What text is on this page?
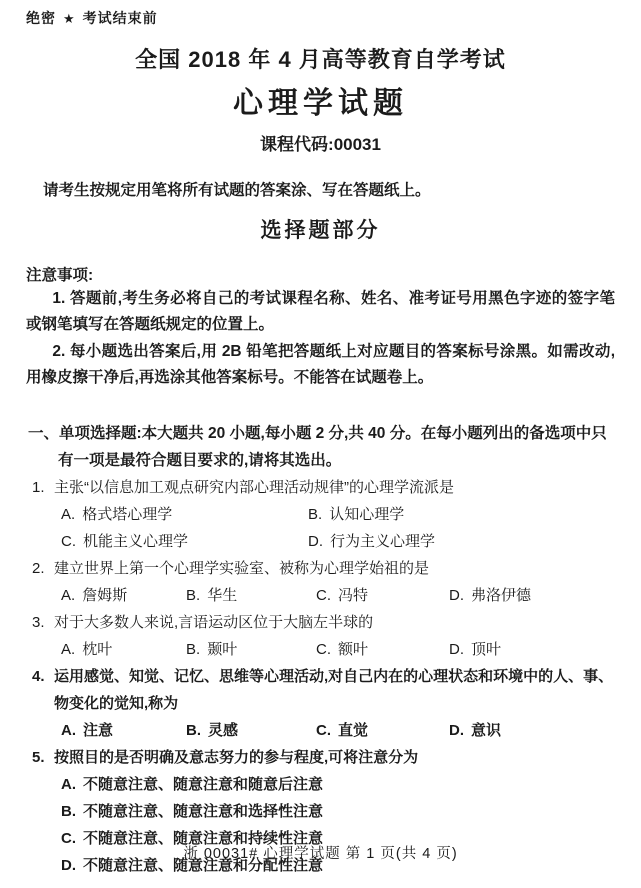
绝密 ★ 考试结束前
全国 2018 年 4 月高等教育自学考试
心理学试题
课程代码:00031
请考生按规定用笔将所有试题的答案涂、写在答题纸上。
选择题部分
注意事项:
1. 答题前,考生务必将自己的考试课程名称、姓名、准考证号用黑色字迹的签字笔或钢笔填写在答题纸规定的位置上。
2. 每小题选出答案后,用 2B 铅笔把答题纸上对应题目的答案标号涂黑。如需改动,用橡皮擦干净后,再选涂其他答案标号。不能答在试题卷上。
一、单项选择题:本大题共 20 小题,每小题 2 分,共 40 分。在每小题列出的备选项中只有一项是最符合题目要求的,请将其选出。
1. 主张“以信息加工观点研究内部心理活动规律”的心理学流派是
A. 格式塔心理学	B. 认知心理学
C. 机能主义心理学	D. 行为主义心理学
2. 建立世界上第一个心理学实验室、被称为心理学始祖的是
A. 詹姆斯	B. 华生	C. 冯特	D. 弗洛伊德
3. 对于大多数人来说,言语运动区位于大脑左半球的
A. 枕叶	B. 颞叶	C. 额叶	D. 顶叶
4. 运用感觉、知觉、记忆、思维等心理活动,对自己内在的心理状态和环境中的人、事、物变化的觉知,称为
A. 注意	B. 灵感	C. 直觉	D. 意识
5. 按照目的是否明确及意志努力的参与程度,可将注意分为
A. 不随意注意、随意注意和随意后注意
B. 不随意注意、随意注意和选择性注意
C. 不随意注意、随意注意和持续性注意
D. 不随意注意、随意注意和分配性注意
浙 00031# 心理学试题 第 1 页(共 4 页)
